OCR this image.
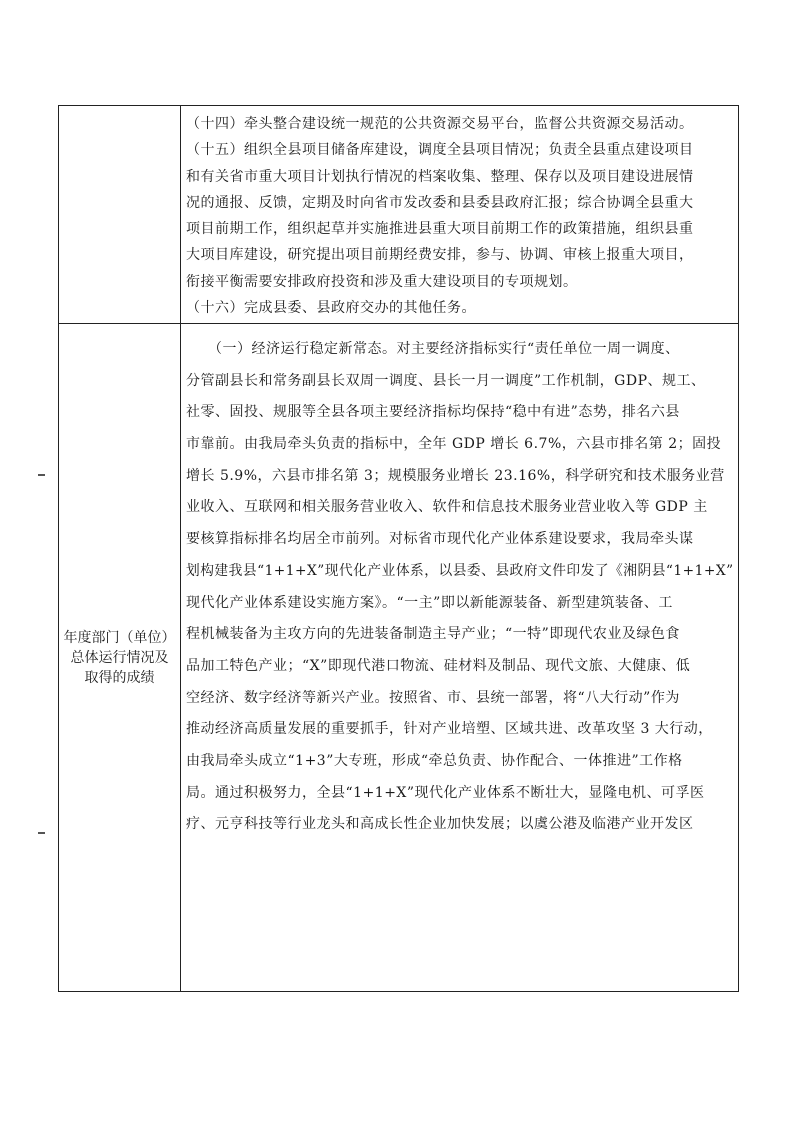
（十四）牵头整合建设统一规范的公共资源交易平台，监督公共资源交易活动。
（十五）组织全县项目储备库建设，调度全县项目情况；负责全县重点建设项目
和有关省市重大项目计划执行情况的档案收集、整理、保存以及项目建设进展情
况的通报、反馈，定期及时向省市发改委和县委县政府汇报；综合协调全县重大
项目前期工作，组织起草并实施推进县重大项目前期工作的政策措施，组织县重
大项目库建设，研究提出项目前期经费安排，参与、协调、审核上报重大项目，
衔接平衡需要安排政府投资和涉及重大建设项目的专项规划。
（十六）完成县委、县政府交办的其他任务。
年度部门（单位）
总体运行情况及
取得的成绩
　　（一）经济运行稳定新常态。对主要经济指标实行“责任单位一周一调度、
分管副县长和常务副县长双周一调度、县长一月一调度”工作机制，GDP、规工、
社零、固投、规服等全县各项主要经济指标均保持“稳中有进”态势，排名六县
市靠前。由我局牵头负责的指标中，全年 GDP 增长 6.7%，六县市排名第 2；固投
增长 5.9%，六县市排名第 3；规模服务业增长 23.16%，科学研究和技术服务业营
业收入、互联网和相关服务营业收入、软件和信息技术服务业营业收入等 GDP 主
要核算指标排名均居全市前列。对标省市现代化产业体系建设要求，我局牵头谋
划构建我县“1+1+X”现代化产业体系，以县委、县政府文件印发了《湘阴县“1+1+X”
现代化产业体系建设实施方案》。“一主”即以新能源装备、新型建筑装备、工
程机械装备为主攻方向的先进装备制造主导产业；“一特”即现代农业及绿色食
品加工特色产业；“X”即现代港口物流、硅材料及制品、现代文旅、大健康、低
空经济、数字经济等新兴产业。按照省、市、县统一部署，将“八大行动”作为
推动经济高质量发展的重要抓手，针对产业培塑、区域共进、改革攻坚 3 大行动，
由我局牵头成立“1+3”大专班，形成“牵总负责、协作配合、一体推进”工作格
局。通过积极努力，全县“1+1+X”现代化产业体系不断壮大，显隆电机、可孚医
疗、元亨科技等行业龙头和高成长性企业加快发展；以虞公港及临港产业开发区
